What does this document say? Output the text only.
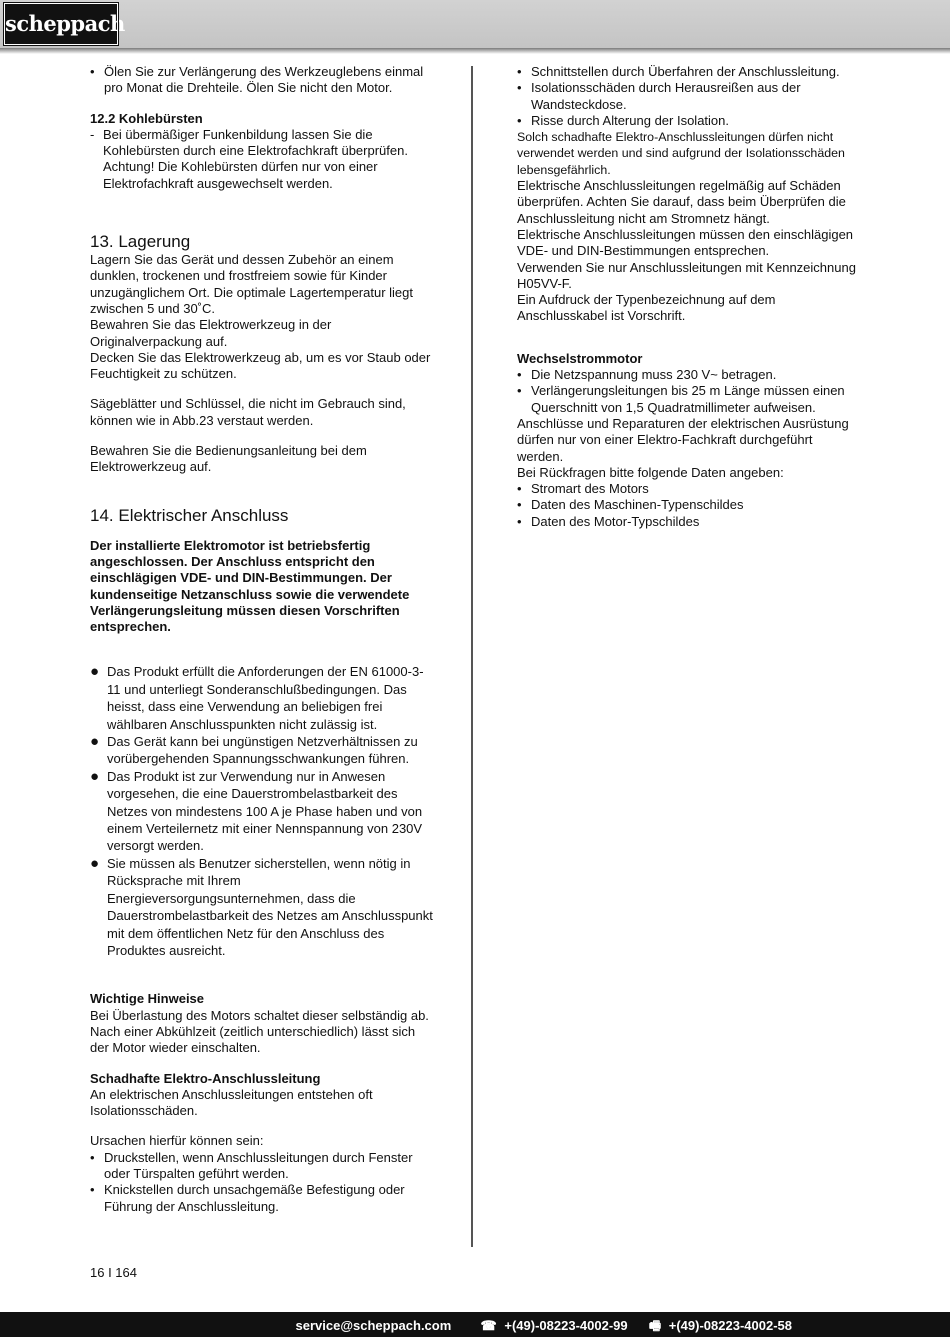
scheppach
• Ölen Sie zur Verlängerung des Werkzeuglebens einmal pro Monat die Drehteile. Ölen Sie nicht den Motor.

12.2 Kohlebürsten

- Bei übermäßiger Funkenbildung lassen Sie die Kohlebürsten durch eine Elektrofachkraft überprüfen. Achtung! Die Kohlebürsten dürfen nur von einer Elektrofachkraft ausgewechselt werden.
13. Lagerung

Lagern Sie das Gerät und dessen Zubehör an einem dunklen, trockenen und frostfreiem sowie für Kinder unzugänglichem Ort. Die optimale Lagertemperatur liegt zwischen 5 und 30˚C.

Bewahren Sie das Elektrowerkzeug in der Originalverpackung auf.

Decken Sie das Elektrowerkzeug ab, um es vor Staub oder Feuchtigkeit zu schützen.

Sägeblätter und Schlüssel, die nicht im Gebrauch sind, können wie in Abb.23 verstaut werden.

Bewahren Sie die Bedienungsanleitung bei dem Elektrowerkzeug auf.

14. Elektrischer Anschluss

Der installierte Elektromotor ist betriebsfertig angeschlossen. Der Anschluss entspricht den einschlägigen VDE- und DIN-Bestimmungen. Der kundenseitige Netzanschluss sowie die verwendete Verlängerungsleitung müssen diesen Vorschriften entsprechen.

● Das Produkt erfüllt die Anforderungen der EN 61000-3-11 und unterliegt Sonderanschlußbedingungen. Das heisst, dass eine Verwendung an beliebigen frei wählbaren Anschlusspunkten nicht zulässig ist.
● Das Gerät kann bei ungünstigen Netzverhältnissen zu vorübergehenden Spannungsschwankungen führen.
● Das Produkt ist zur Verwendung nur in Anwesen vorgesehen, die eine Dauerstrombelastbarkeit des Netzes von mindestens 100 A je Phase haben und von einem Verteilernetz mit einer Nennspannung von 230V versorgt werden.
● Sie müssen als Benutzer sicherstellen, wenn nötig in Rücksprache mit Ihrem Energieversorgungsunternehmen, dass die Dauerstrombelastbarkeit des Netzes am Anschlusspunkt mit dem öffentlichen Netz für den Anschluss des Produktes ausreicht.

Wichtige Hinweise

Bei Überlastung des Motors schaltet dieser selbständig ab. Nach einer Abkühlzeit (zeitlich unterschiedlich) lässt sich der Motor wieder einschalten.

Schadhafte Elektro-Anschlussleitung

An elektrischen Anschlussleitungen entstehen oft Isolationsschäden.

Ursachen hierfür können sein:

• Druckstellen, wenn Anschlussleitungen durch Fenster oder Türspalten geführt werden.
• Knickstellen durch unsachgemäße Befestigung oder Führung der Anschlussleitung.
• Schnittstellen durch Überfahren der Anschlussleitung.
• Isolationsschäden durch Herausreißen aus der Wandsteckdose.
• Risse durch Alterung der Isolation.

Solch schadhafte Elektro-Anschlussleitungen dürfen nicht verwendet werden und sind aufgrund der Isolationsschäden lebensgefährlich.

Elektrische Anschlussleitungen regelmäßig auf Schäden überprüfen. Achten Sie darauf, dass beim Überprüfen die Anschlussleitung nicht am Stromnetz hängt.

Elektrische Anschlussleitungen müssen den einschlägigen VDE- und DIN-Bestimmungen entsprechen.

Verwenden Sie nur Anschlussleitungen mit Kennzeichnung H05VV-F.

Ein Aufdruck der Typenbezeichnung auf dem Anschlusskabel ist Vorschrift.

Wechselstrommotor

• Die Netzspannung muss 230 V~ betragen.
• Verlängerungsleitungen bis 25 m Länge müssen einen Querschnitt von 1,5 Quadratmillimeter aufweisen.

Anschlüsse und Reparaturen der elektrischen Ausrüstung dürfen nur von einer Elektro-Fachkraft durchgeführt werden.

Bei Rückfragen bitte folgende Daten angeben:

• Stromart des Motors
• Daten des Maschinen-Typenschildes
• Daten des Motor-Typschildes
16 I 164
service@scheppach.com ☎ +(49)-08223-4002-99 🖷 +(49)-08223-4002-58
